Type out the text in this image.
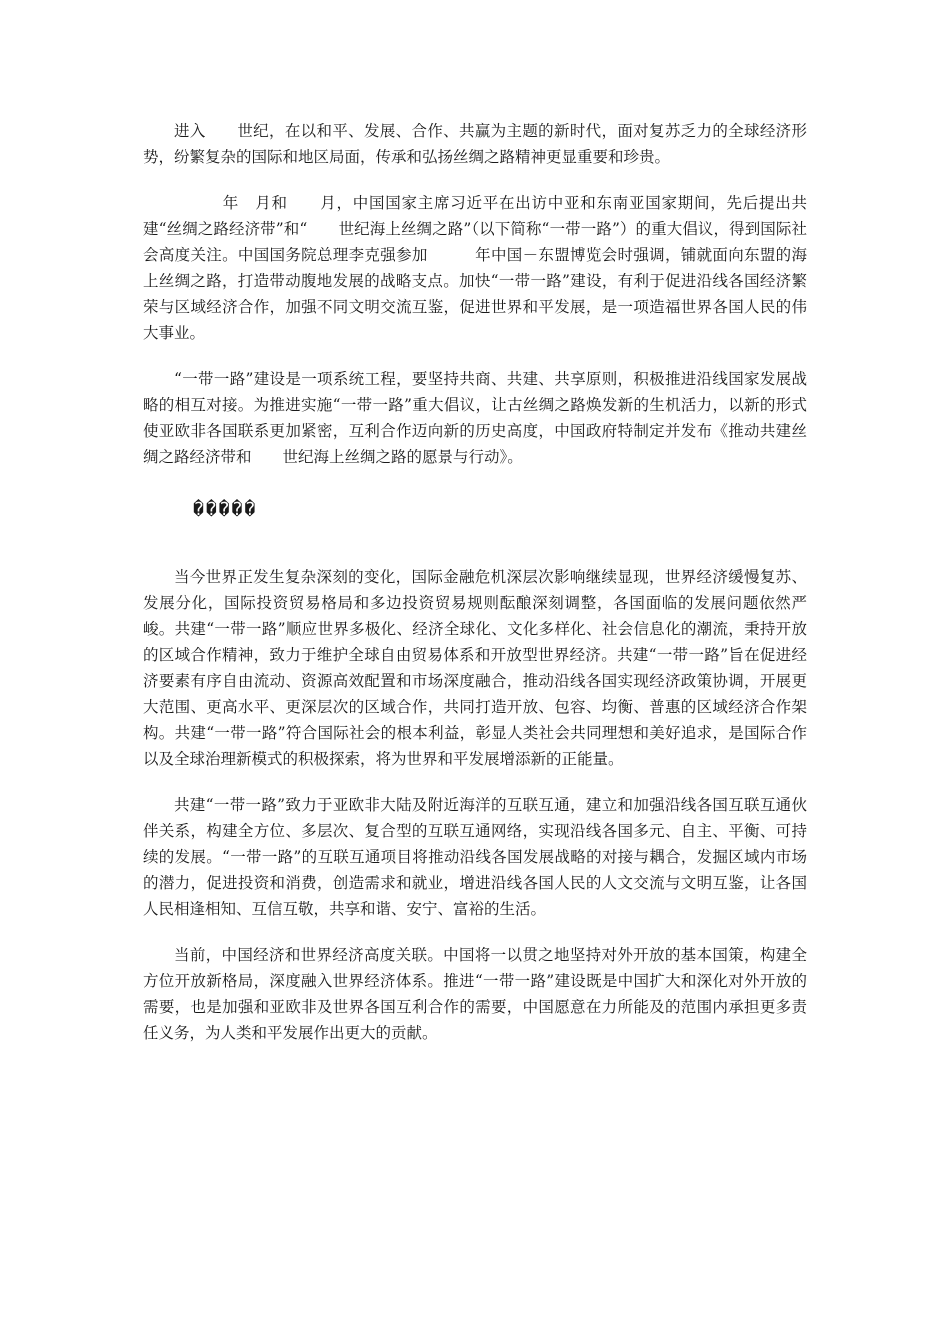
进入　　世纪，在以和平、发展、合作、共赢为主题的新时代，面对复苏乏力的全球经济形势，纷繁复杂的国际和地区局面，传承和弘扬丝绸之路精神更显重要和珍贵。

　　　年　月和　　月，中国国家主席习近平在出访中亚和东南亚国家期间，先后提出共建“丝绸之路经济带”和“　　世纪海上丝绸之路”（以下简称“一带一路”）的重大倡议，得到国际社会高度关注。中国国务院总理李克强参加　　　年中国－东盟博览会时强调，铺就面向东盟的海上丝绸之路，打造带动腹地发展的战略支点。加快“一带一路”建设，有利于促进沿线各国经济繁荣与区域经济合作，加强不同文明交流互鉴，促进世界和平发展，是一项造福世界各国人民的伟大事业。

“一带一路”建设是一项系统工程，要坚持共商、共建、共享原则，积极推进沿线国家发展战略的相互对接。为推进实施“一带一路”重大倡议，让古丝绸之路焕发新的生机活力，以新的形式使亚欧非各国联系更加紧密，互利合作迈向新的历史高度，中国政府特制定并发布《推动共建丝绸之路经济带和　　世纪海上丝绸之路的愿景与行动》。

�����

当今世界正发生复杂深刻的变化，国际金融危机深层次影响继续显现，世界经济缓慢复苏、发展分化，国际投资贸易格局和多边投资贸易规则酝酿深刻调整，各国面临的发展问题依然严峻。共建“一带一路”顺应世界多极化、经济全球化、文化多样化、社会信息化的潮流，秉持开放的区域合作精神，致力于维护全球自由贸易体系和开放型世界经济。共建“一带一路”旨在促进经济要素有序自由流动、资源高效配置和市场深度融合，推动沿线各国实现经济政策协调，开展更大范围、更高水平、更深层次的区域合作，共同打造开放、包容、均衡、普惠的区域经济合作架构。共建“一带一路”符合国际社会的根本利益，彰显人类社会共同理想和美好追求，是国际合作以及全球治理新模式的积极探索，将为世界和平发展增添新的正能量。

共建“一带一路”致力于亚欧非大陆及附近海洋的互联互通，建立和加强沿线各国互联互通伙伴关系，构建全方位、多层次、复合型的互联互通网络，实现沿线各国多元、自主、平衡、可持续的发展。“一带一路”的互联互通项目将推动沿线各国发展战略的对接与耦合，发掘区域内市场的潜力，促进投资和消费，创造需求和就业，增进沿线各国人民的人文交流与文明互鉴，让各国人民相逢相知、互信互敬，共享和谐、安宁、富裕的生活。

当前，中国经济和世界经济高度关联。中国将一以贯之地坚持对外开放的基本国策，构建全方位开放新格局，深度融入世界经济体系。推进“一带一路”建设既是中国扩大和深化对外开放的需要，也是加强和亚欧非及世界各国互利合作的需要，中国愿意在力所能及的范围内承担更多责任义务，为人类和平发展作出更大的贡献。
